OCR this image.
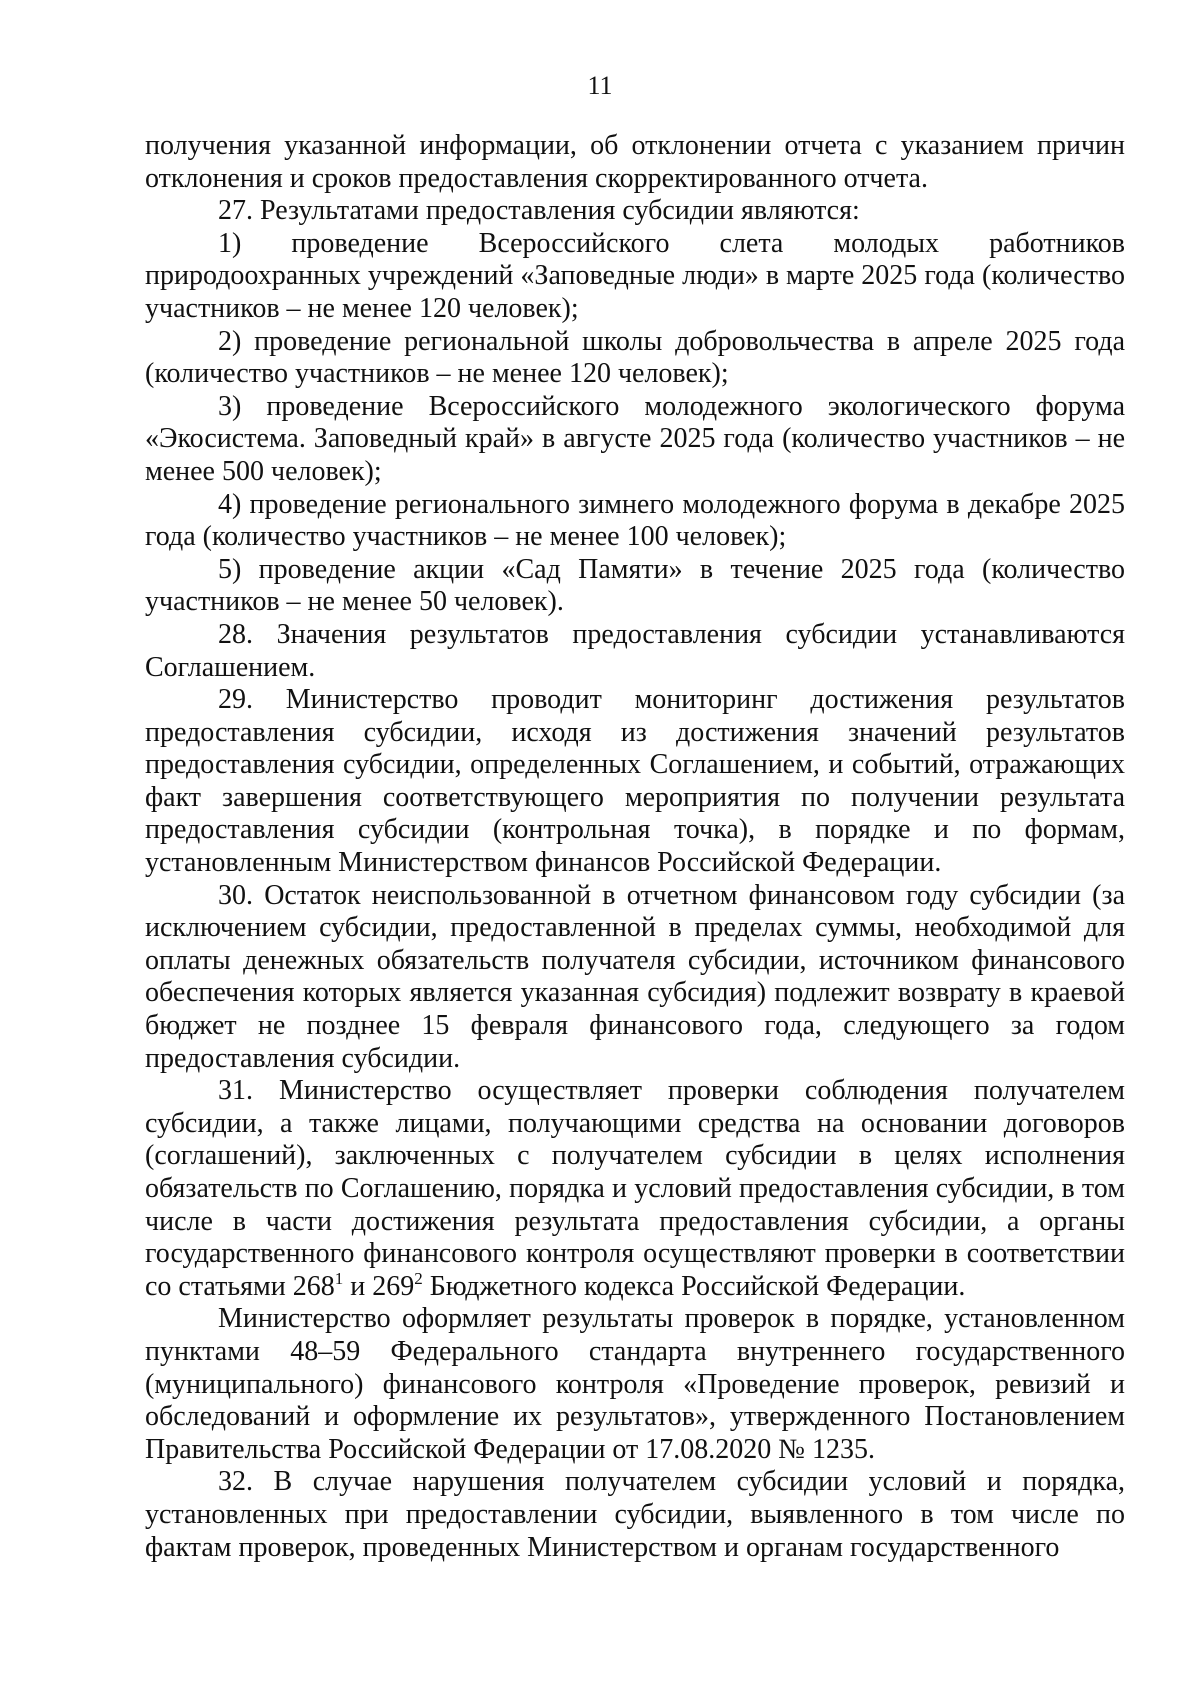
11

получения указанной информации, об отклонении отчета с указанием причин отклонения и сроков предоставления скорректированного отчета.

27. Результатами предоставления субсидии являются:

1) проведение Всероссийского слета молодых работников природоохранных учреждений «Заповедные люди» в марте 2025 года (количество участников – не менее 120 человек);

2) проведение региональной школы добровольчества в апреле 2025 года (количество участников – не менее 120 человек);

3) проведение Всероссийского молодежного экологического форума «Экосистема. Заповедный край» в августе 2025 года (количество участников – не менее 500 человек);

4) проведение регионального зимнего молодежного форума в декабре 2025 года (количество участников – не менее 100 человек);

5) проведение акции «Сад Памяти» в течение 2025 года (количество участников – не менее 50 человек).

28. Значения результатов предоставления субсидии устанавливаются Соглашением.

29. Министерство проводит мониторинг достижения результатов предоставления субсидии, исходя из достижения значений результатов предоставления субсидии, определенных Соглашением, и событий, отражающих факт завершения соответствующего мероприятия по получении результата предоставления субсидии (контрольная точка), в порядке и по формам, установленным Министерством финансов Российской Федерации.

30. Остаток неиспользованной в отчетном финансовом году субсидии (за исключением субсидии, предоставленной в пределах суммы, необходимой для оплаты денежных обязательств получателя субсидии, источником финансового обеспечения которых является указанная субсидия) подлежит возврату в краевой бюджет не позднее 15 февраля финансового года, следующего за годом предоставления субсидии.

31. Министерство осуществляет проверки соблюдения получателем субсидии, а также лицами, получающими средства на основании договоров (соглашений), заключенных с получателем субсидии в целях исполнения обязательств по Соглашению, порядка и условий предоставления субсидии, в том числе в части достижения результата предоставления субсидии, а органы государственного финансового контроля осуществляют проверки в соответствии со статьями $268^1$ и $269^2$ Бюджетного кодекса Российской Федерации.

Министерство оформляет результаты проверок в порядке, установленном пунктами 48–59 Федерального стандарта внутреннего государственного (муниципального) финансового контроля «Проведение проверок, ревизий и обследований и оформление их результатов», утвержденного Постановлением Правительства Российской Федерации от 17.08.2020 № 1235.

32. В случае нарушения получателем субсидии условий и порядка, установленных при предоставлении субсидии, выявленного в том числе по фактам проверок, проведенных Министерством и органам государственного
